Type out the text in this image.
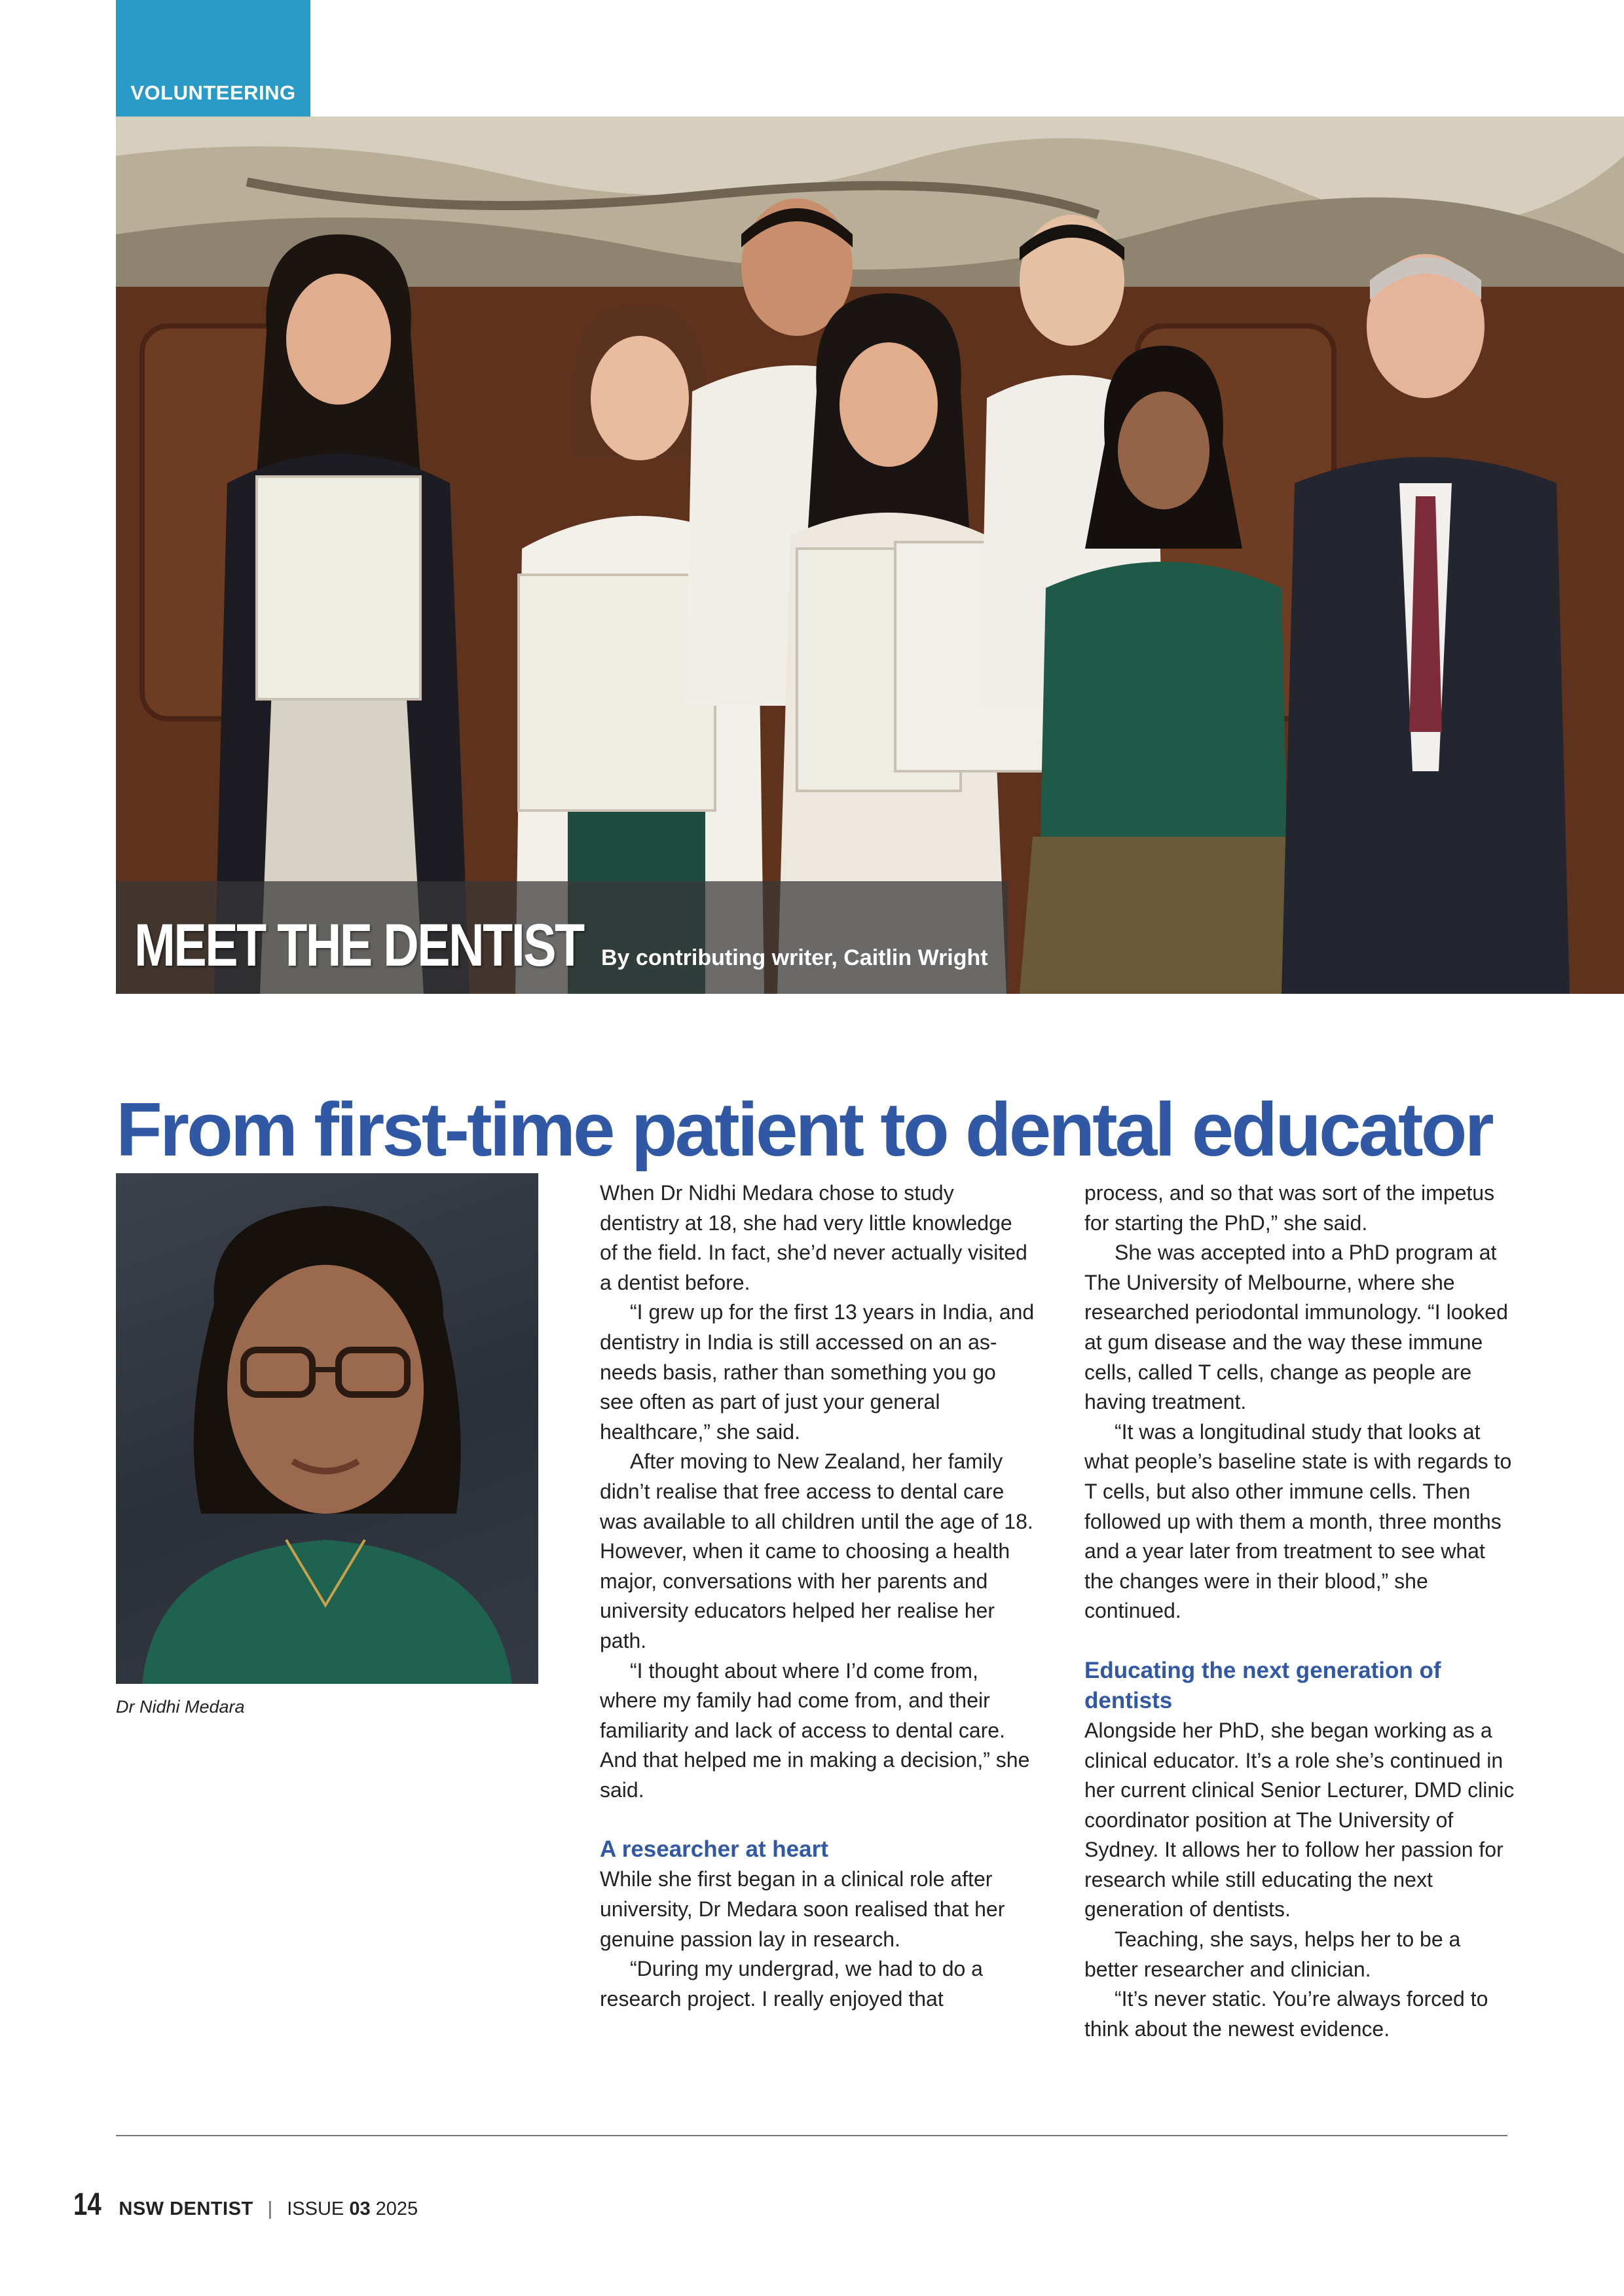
VOLUNTEERING
MEET THE DENTIST By contributing writer, Caitlin Wright
From first-time patient to dental educator
Dr Nidhi Medara

When Dr Nidhi Medara chose to study dentistry at 18, she had very little knowledge of the field. In fact, she’d never actually visited a dentist before.

“I grew up for the first 13 years in India, and dentistry in India is still accessed on an as-needs basis, rather than something you go see often as part of just your general healthcare,” she said.

After moving to New Zealand, her family didn’t realise that free access to dental care was available to all children until the age of 18. However, when it came to choosing a health major, conversations with her parents and university educators helped her realise her path.

“I thought about where I’d come from, where my family had come from, and their familiarity and lack of access to dental care. And that helped me in making a decision,” she said.

A researcher at heart

While she first began in a clinical role after university, Dr Medara soon realised that her genuine passion lay in research.

“During my undergrad, we had to do a research project. I really enjoyed that

process, and so that was sort of the impetus for starting the PhD,” she said.

She was accepted into a PhD program at The University of Melbourne, where she researched periodontal immunology. “I looked at gum disease and the way these immune cells, called T cells, change as people are having treatment.

“It was a longitudinal study that looks at what people’s baseline state is with regards to T cells, but also other immune cells. Then followed up with them a month, three months and a year later from treatment to see what the changes were in their blood,” she continued.

Educating the next generation of dentists

Alongside her PhD, she began working as a clinical educator. It’s a role she’s continued in her current clinical Senior Lecturer, DMD clinic coordinator position at The University of Sydney. It allows her to follow her passion for research while still educating the next generation of dentists.

Teaching, she says, helps her to be a better researcher and clinician.

“It’s never static. You’re always forced to think about the newest evidence.

14 NSW DENTIST | ISSUE 03 2025
